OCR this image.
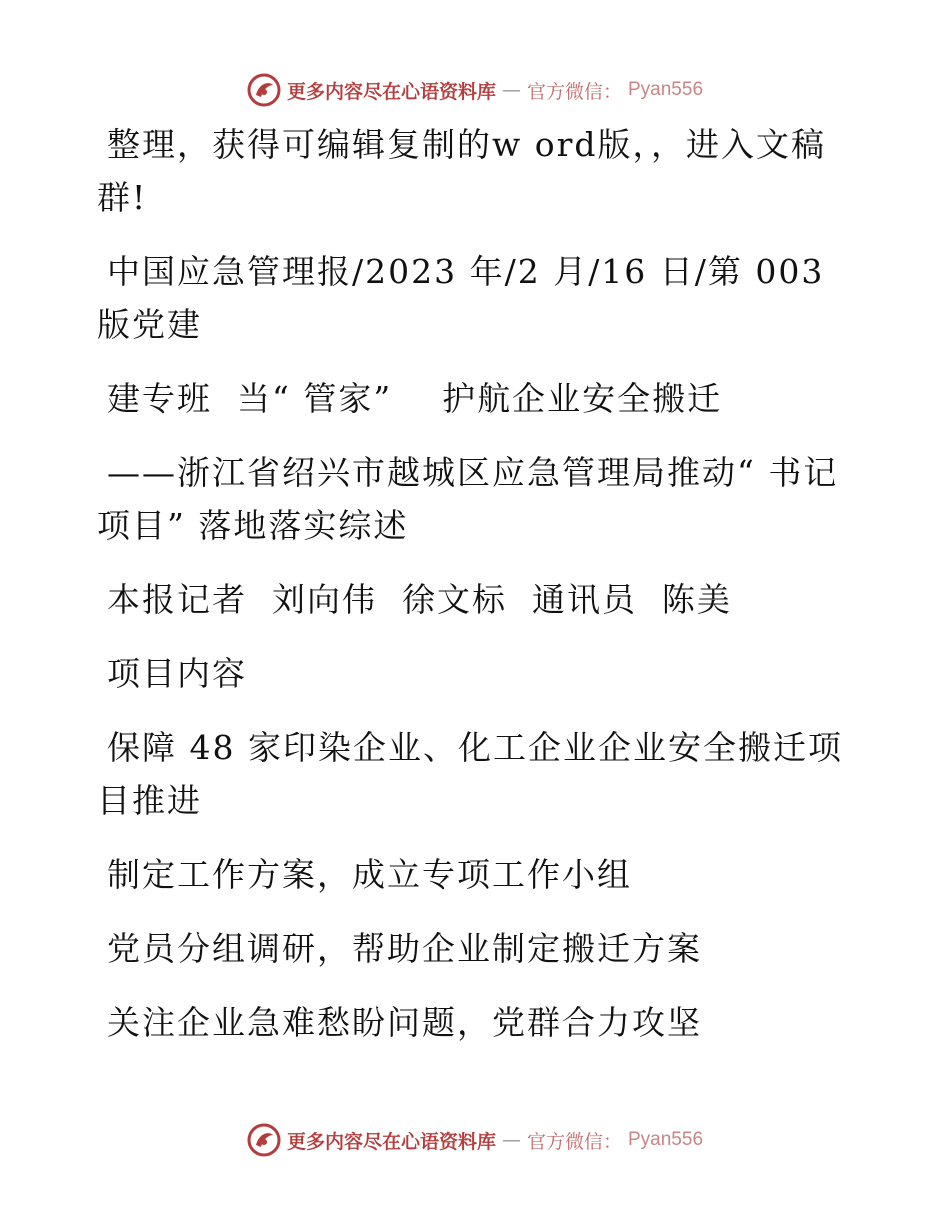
更多内容尽在心语资料库 — 官方微信： Pyan556

整理，获得可编辑复制的w ord版，，进入文稿群!

中国应急管理报/2023 年/2 月/16 日/第 003 版党建

建专班  当“ 管家”    护航企业安全搬迁

——浙江省绍兴市越城区应急管理局推动“ 书记项目” 落地落实综述

本报记者  刘向伟  徐文标  通讯员  陈美

项目内容

保障 48 家印染企业、化工企业企业安全搬迁项目推进

制定工作方案，成立专项工作小组

党员分组调研，帮助企业制定搬迁方案

关注企业急难愁盼问题，党群合力攻坚

更多内容尽在心语资料库 — 官方微信： Pyan556
